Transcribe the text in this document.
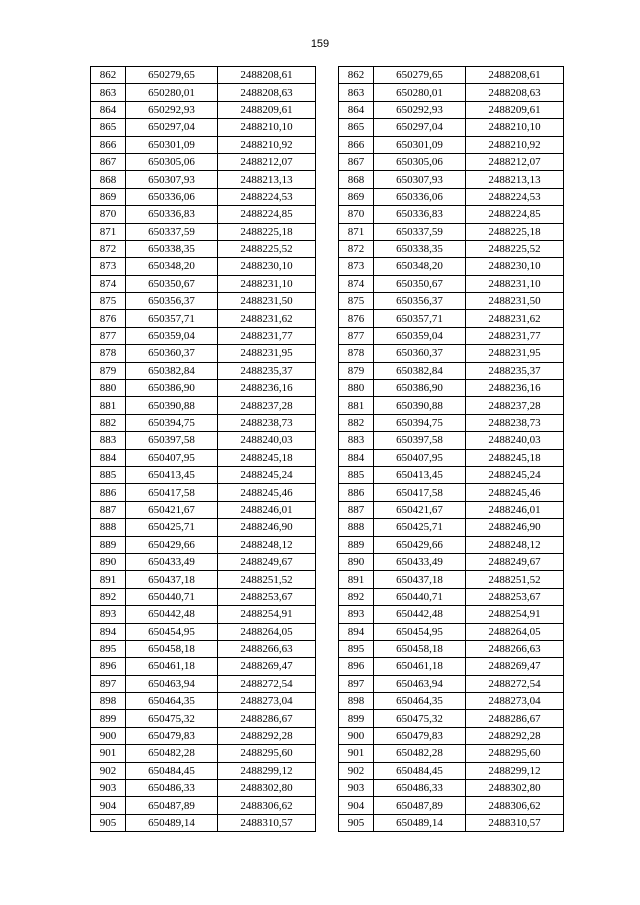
159
862	650279,65	2488208,61
863	650280,01	2488208,63
864	650292,93	2488209,61
865	650297,04	2488210,10
866	650301,09	2488210,92
867	650305,06	2488212,07
868	650307,93	2488213,13
869	650336,06	2488224,53
870	650336,83	2488224,85
871	650337,59	2488225,18
872	650338,35	2488225,52
873	650348,20	2488230,10
874	650350,67	2488231,10
875	650356,37	2488231,50
876	650357,71	2488231,62
877	650359,04	2488231,77
878	650360,37	2488231,95
879	650382,84	2488235,37
880	650386,90	2488236,16
881	650390,88	2488237,28
882	650394,75	2488238,73
883	650397,58	2488240,03
884	650407,95	2488245,18
885	650413,45	2488245,24
886	650417,58	2488245,46
887	650421,67	2488246,01
888	650425,71	2488246,90
889	650429,66	2488248,12
890	650433,49	2488249,67
891	650437,18	2488251,52
892	650440,71	2488253,67
893	650442,48	2488254,91
894	650454,95	2488264,05
895	650458,18	2488266,63
896	650461,18	2488269,47
897	650463,94	2488272,54
898	650464,35	2488273,04
899	650475,32	2488286,67
900	650479,83	2488292,28
901	650482,28	2488295,60
902	650484,45	2488299,12
903	650486,33	2488302,80
904	650487,89	2488306,62
905	650489,14	2488310,57
862	650279,65	2488208,61
863	650280,01	2488208,63
864	650292,93	2488209,61
865	650297,04	2488210,10
866	650301,09	2488210,92
867	650305,06	2488212,07
868	650307,93	2488213,13
869	650336,06	2488224,53
870	650336,83	2488224,85
871	650337,59	2488225,18
872	650338,35	2488225,52
873	650348,20	2488230,10
874	650350,67	2488231,10
875	650356,37	2488231,50
876	650357,71	2488231,62
877	650359,04	2488231,77
878	650360,37	2488231,95
879	650382,84	2488235,37
880	650386,90	2488236,16
881	650390,88	2488237,28
882	650394,75	2488238,73
883	650397,58	2488240,03
884	650407,95	2488245,18
885	650413,45	2488245,24
886	650417,58	2488245,46
887	650421,67	2488246,01
888	650425,71	2488246,90
889	650429,66	2488248,12
890	650433,49	2488249,67
891	650437,18	2488251,52
892	650440,71	2488253,67
893	650442,48	2488254,91
894	650454,95	2488264,05
895	650458,18	2488266,63
896	650461,18	2488269,47
897	650463,94	2488272,54
898	650464,35	2488273,04
899	650475,32	2488286,67
900	650479,83	2488292,28
901	650482,28	2488295,60
902	650484,45	2488299,12
903	650486,33	2488302,80
904	650487,89	2488306,62
905	650489,14	2488310,57
